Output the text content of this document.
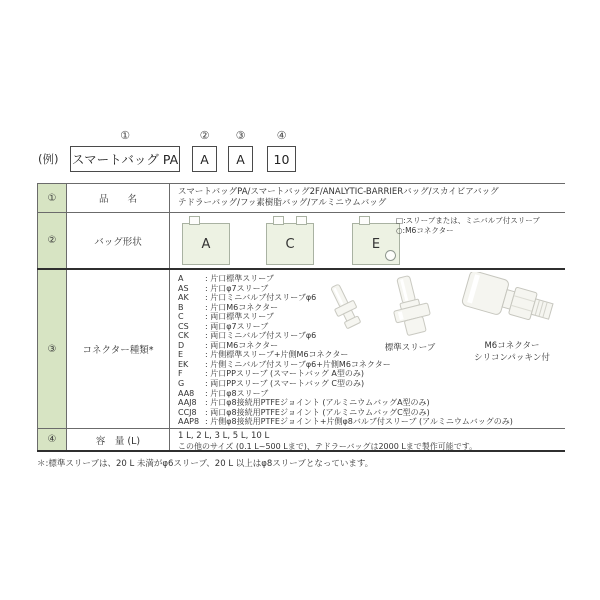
(例)
①
スマートバッグ PA
②
A
③
A
④
10
①	品　　名
スマートバッグPA/スマートバッグ2F/ANALYTIC-BARRIERバッグ/スカイビアバッグ
テドラーバッグ/フッ素樹脂バッグ/アルミニウムバッグ
②	バッグ形状	A	C	E
□:スリーブまたは、ミニバルブ付スリーブ
○:M6コネクター
③	コネクター種類*
A	: 片口標準スリーブ
AS	: 片口φ7スリーブ
AK	: 片口ミニバルブ付スリーブφ6
B	: 片口M6コネクター
C	: 両口標準スリーブ
CS	: 両口φ7スリーブ
CK	: 両口ミニバルブ付スリーブφ6
D	: 両口M6コネクター
E	: 片側標準スリーブ+片側M6コネクター
EK	: 片側ミニバルブ付スリーブφ6+片側M6コネクター
F	: 片口PPスリーブ (スマートバッグ A型のみ)
G	: 両口PPスリーブ (スマートバッグ C型のみ)
AA8	: 片口φ8スリーブ
AAJ8	: 片口φ8接続用PTFEジョイント (アルミニウムバッグA型のみ)
CCJ8	: 両口φ8接続用PTFEジョイント (アルミニウムバッグC型のみ)
AAP8	: 片側φ8接続用PTFEジョイント+片側φ8バルブ付スリーブ (アルミニウムバッグのみ)
標準スリーブ	M6コネクター
シリコンパッキン付
④	容　量 (L)	1 L, 2 L, 3 L, 5 L, 10 L
この他のサイズ (0.1 L~500 Lまで)、テドラーバッグは2000 Lまで製作可能です。
＊:標準スリーブは、20 L 未満がφ6スリーブ、20 L 以上はφ8スリーブとなっています。
